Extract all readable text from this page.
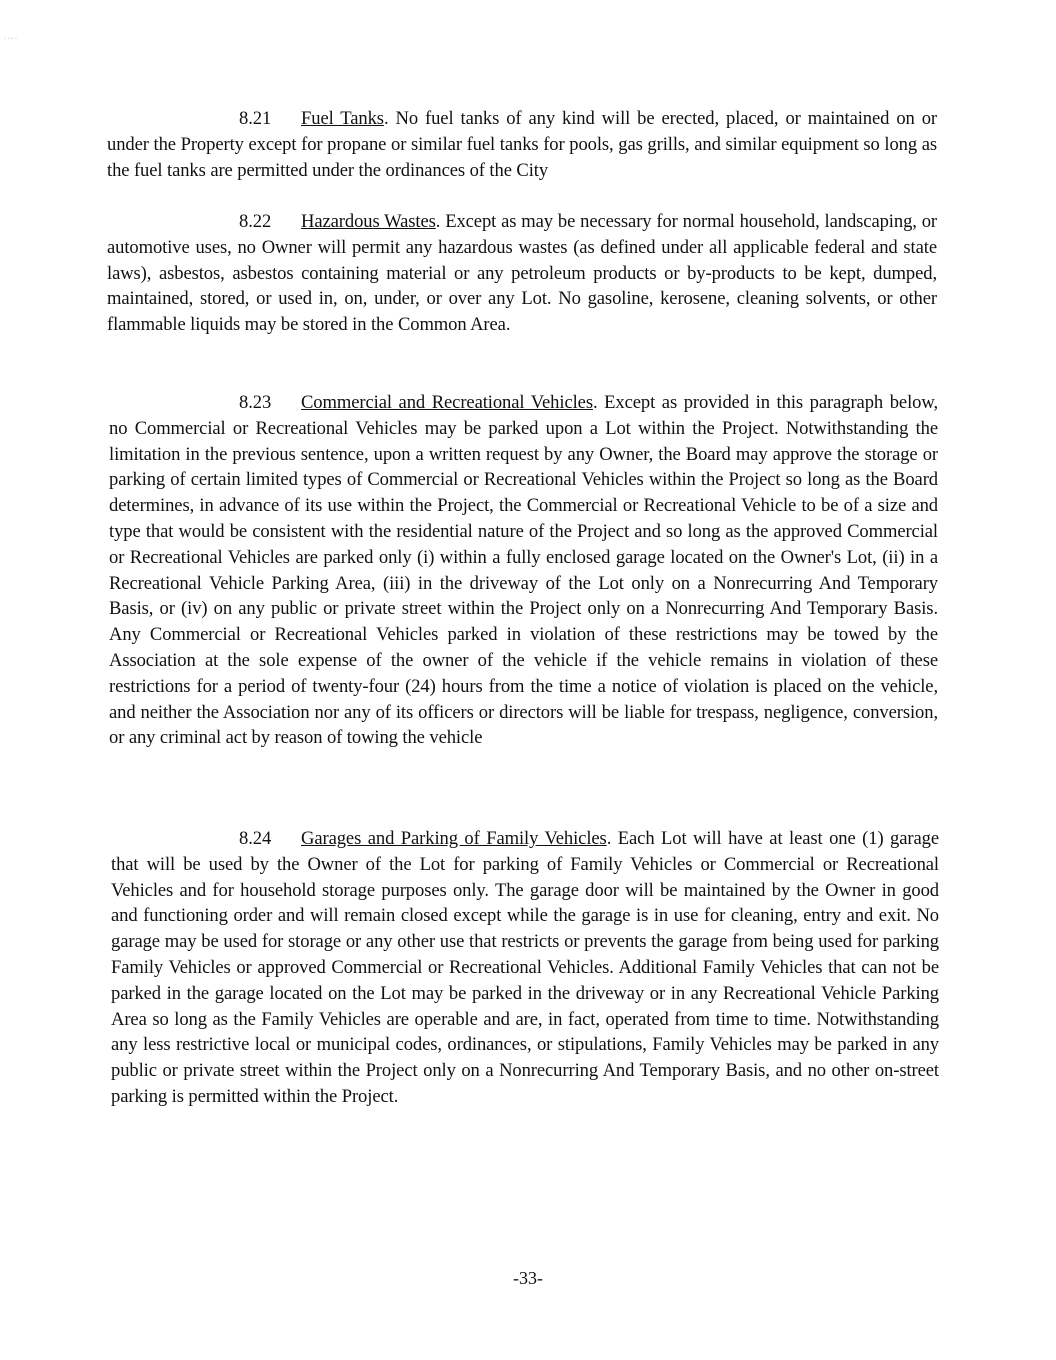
· ··· ·
8.21 Fuel Tanks. No fuel tanks of any kind will be erected, placed, or maintained on or under the Property except for propane or similar fuel tanks for pools, gas grills, and similar equipment so long as the fuel tanks are permitted under the ordinances of the City
8.22 Hazardous Wastes. Except as may be necessary for normal household, landscaping, or automotive uses, no Owner will permit any hazardous wastes (as defined under all applicable federal and state laws), asbestos, asbestos containing material or any petroleum products or by-products to be kept, dumped, maintained, stored, or used in, on, under, or over any Lot. No gasoline, kerosene, cleaning solvents, or other flammable liquids may be stored in the Common Area.
8.23 Commercial and Recreational Vehicles. Except as provided in this paragraph below, no Commercial or Recreational Vehicles may be parked upon a Lot within the Project. Notwithstanding the limitation in the previous sentence, upon a written request by any Owner, the Board may approve the storage or parking of certain limited types of Commercial or Recreational Vehicles within the Project so long as the Board determines, in advance of its use within the Project, the Commercial or Recreational Vehicle to be of a size and type that would be consistent with the residential nature of the Project and so long as the approved Commercial or Recreational Vehicles are parked only (i) within a fully enclosed garage located on the Owner's Lot, (ii) in a Recreational Vehicle Parking Area, (iii) in the driveway of the Lot only on a Nonrecurring And Temporary Basis, or (iv) on any public or private street within the Project only on a Nonrecurring And Temporary Basis. Any Commercial or Recreational Vehicles parked in violation of these restrictions may be towed by the Association at the sole expense of the owner of the vehicle if the vehicle remains in violation of these restrictions for a period of twenty-four (24) hours from the time a notice of violation is placed on the vehicle, and neither the Association nor any of its officers or directors will be liable for trespass, negligence, conversion, or any criminal act by reason of towing the vehicle
8.24 Garages and Parking of Family Vehicles. Each Lot will have at least one (1) garage that will be used by the Owner of the Lot for parking of Family Vehicles or Commercial or Recreational Vehicles and for household storage purposes only. The garage door will be maintained by the Owner in good and functioning order and will remain closed except while the garage is in use for cleaning, entry and exit. No garage may be used for storage or any other use that restricts or prevents the garage from being used for parking Family Vehicles or approved Commercial or Recreational Vehicles. Additional Family Vehicles that can not be parked in the garage located on the Lot may be parked in the driveway or in any Recreational Vehicle Parking Area so long as the Family Vehicles are operable and are, in fact, operated from time to time. Notwithstanding any less restrictive local or municipal codes, ordinances, or stipulations, Family Vehicles may be parked in any public or private street within the Project only on a Nonrecurring And Temporary Basis, and no other on-street parking is permitted within the Project.
-33-
